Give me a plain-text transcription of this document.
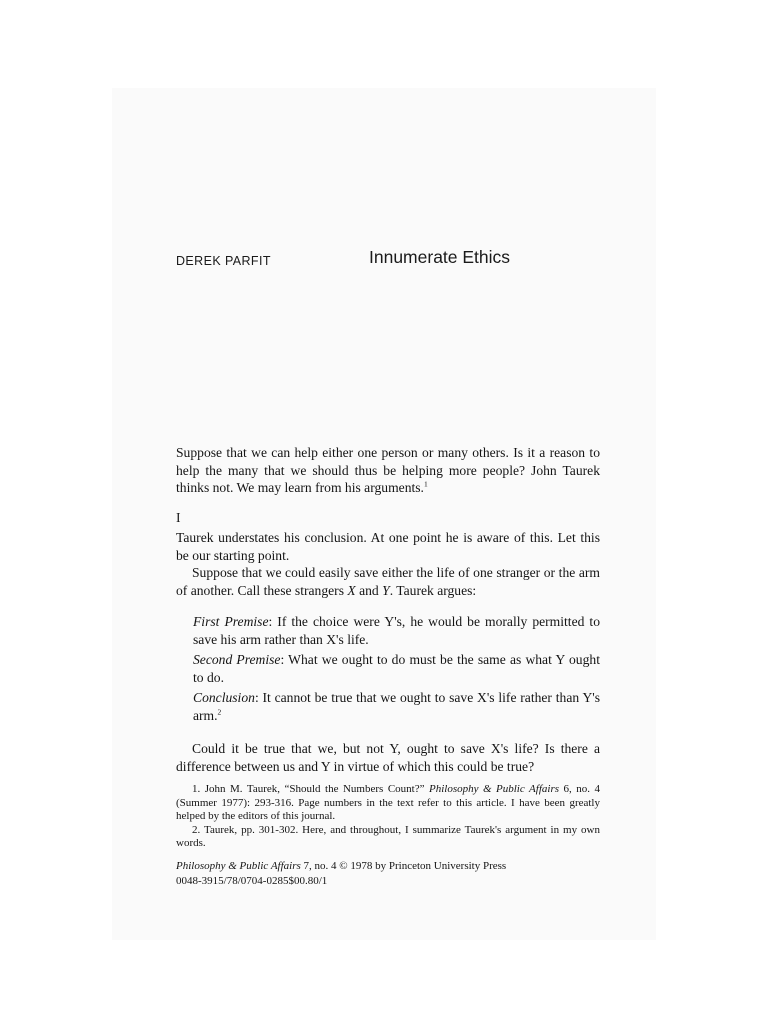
DEREK PARFIT	Innumerate Ethics

Suppose that we can help either one person or many others. Is it a reason to help the many that we should thus be helping more people? John Taurek thinks not. We may learn from his arguments.$^1$

I

Taurek understates his conclusion. At one point he is aware of this. Let this be our starting point.

Suppose that we could easily save either the life of one stranger or the arm of another. Call these strangers X and Y. Taurek argues:

First Premise: If the choice were Y's, he would be morally permitted to save his arm rather than X's life.

Second Premise: What we ought to do must be the same as what Y ought to do.

Conclusion: It cannot be true that we ought to save X's life rather than Y's arm.$^2$

Could it be true that we, but not Y, ought to save X's life? Is there a difference between us and Y in virtue of which this could be true?

1. John M. Taurek, “Should the Numbers Count?” Philosophy & Public Affairs 6, no. 4 (Summer 1977): 293-316. Page numbers in the text refer to this article. I have been greatly helped by the editors of this journal.

2. Taurek, pp. 301-302. Here, and throughout, I summarize Taurek's argument in my own words.

Philosophy & Public Affairs 7, no. 4 © 1978 by Princeton University Press
0048-3915/78/0704-0285$00.80/1
